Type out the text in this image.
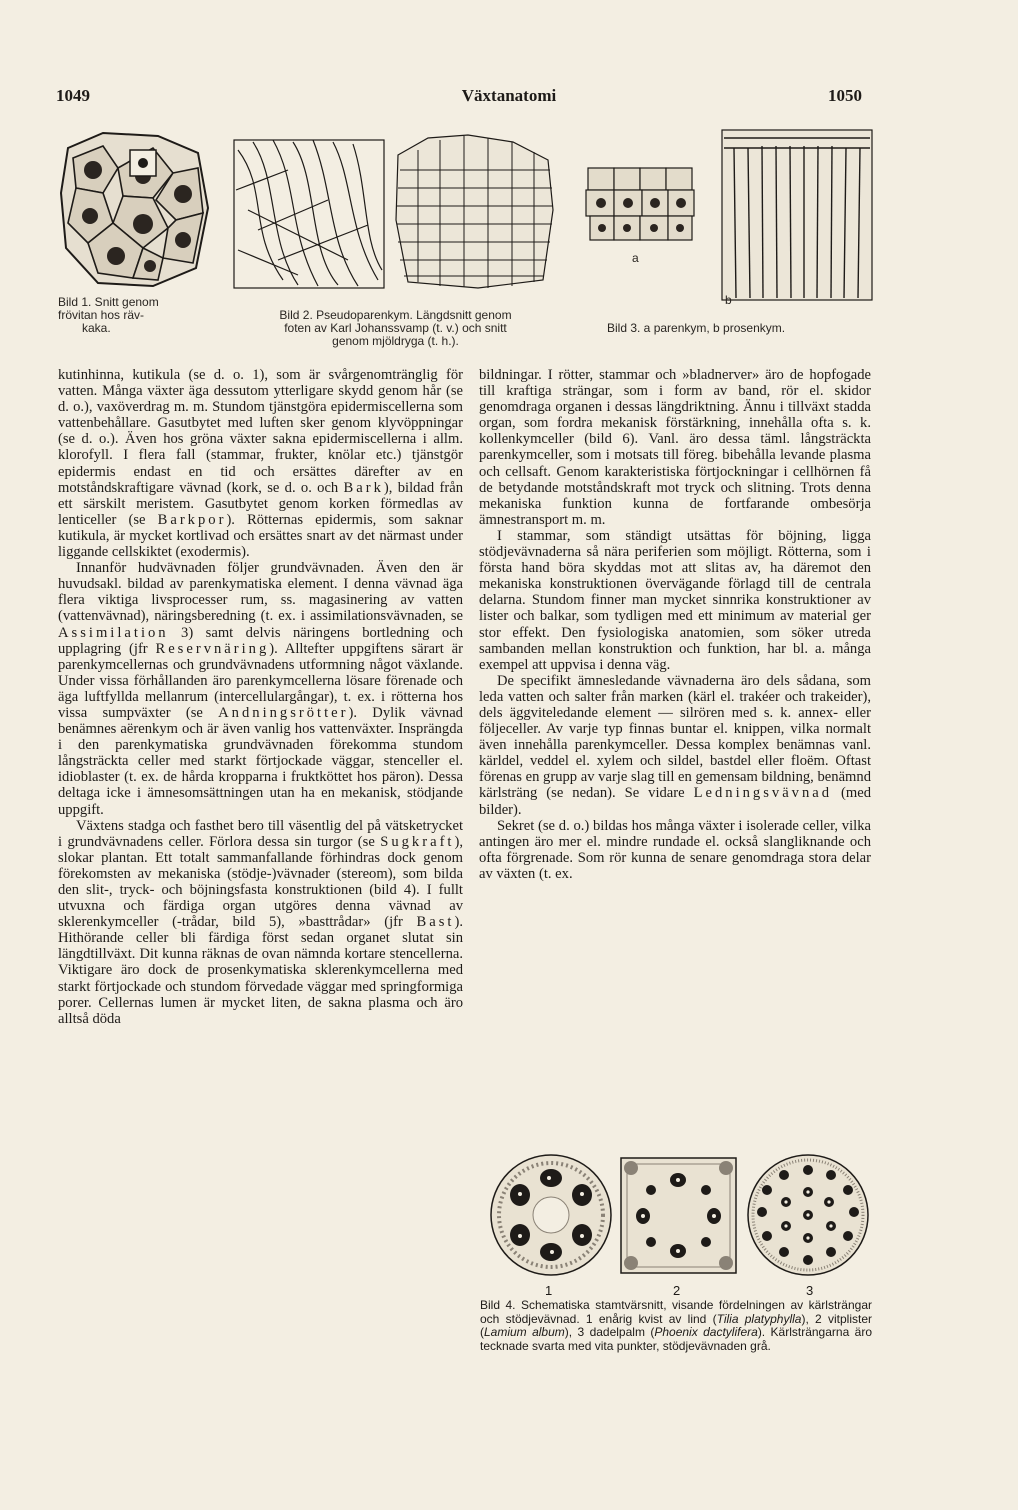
1049	Växtanatomi	1050
Bild 1. Snitt genom
frövitan hos räv-
kaka.
Bild 2. Pseudoparenkym. Längdsnitt genom
foten av Karl Johanssvamp (t. v.) och snitt
genom mjöldryga (t. h.).
a
b
Bild 3. a parenkym, b prosenkym.

kutinhinna, kutikula (se d. o. 1), som är svårgenomtränglig för vatten. Många växter äga dessutom ytterligare skydd genom hår (se d. o.), vaxöverdrag m. m. Stundom tjänstgöra epidermiscellerna som vattenbehållare. Gasutbytet med luften sker genom klyvöppningar (se d. o.). Även hos gröna växter sakna epidermiscellerna i allm. klorofyll. I flera fall (stammar, frukter, knölar etc.) tjänstgör epidermis endast en tid och ersättes därefter av en motståndskraftigare vävnad (kork, se d. o. och Bark), bildad från ett särskilt meristem. Gasutbytet genom korken förmedlas av lenticeller (se Barkpor). Rötternas epidermis, som saknar kutikula, är mycket kortlivad och ersättes snart av det närmast under liggande cellskiktet (exodermis).

Innanför hudvävnaden följer grundvävnaden. Även den är huvudsakl. bildad av parenkymatiska element. I denna vävnad äga flera viktiga livsprocesser rum, ss. magasinering av vatten (vattenvävnad), näringsberedning (t. ex. i assimilationsvävnaden, se Assimilation 3) samt delvis näringens bortledning och upplagring (jfr Reservnäring). Alltefter uppgiftens särart är parenkymcellernas och grundvävnadens utformning något växlande. Under vissa förhållanden äro parenkymcellerna lösare förenade och äga luftfyllda mellanrum (intercellulargångar), t. ex. i rötterna hos vissa sumpväxter (se Andningsrötter). Dylik vävnad benämnes aërenkym och är även vanlig hos vattenväxter. Insprängda i den parenkymatiska grundvävnaden förekomma stundom långsträckta celler med starkt förtjockade väggar, stenceller el. idioblaster (t. ex. de hårda kropparna i fruktköttet hos päron). Dessa deltaga icke i ämnesomsättningen utan ha en mekanisk, stödjande uppgift.

Växtens stadga och fasthet bero till väsentlig del på vätsketrycket i grundvävnadens celler. Förlora dessa sin turgor (se Sugkraft), slokar plantan. Ett totalt sammanfallande förhindras dock genom förekomsten av mekaniska (stödje-)vävnader (stereom), som bilda den slit-, tryck- och böjningsfasta konstruktionen (bild 4). I fullt utvuxna och färdiga organ utgöres denna vävnad av sklerenkymceller (-trådar, bild 5), »basttrådar» (jfr Bast). Hithörande celler bli färdiga först sedan organet slutat sin längdtillväxt. Dit kunna räknas de ovan nämnda kortare stencellerna. Viktigare äro dock de prosenkymatiska sklerenkymcellerna med starkt förtjockade och stundom förvedade väggar med springformiga porer. Cellernas lumen är mycket liten, de sakna plasma och äro alltså döda

bildningar. I rötter, stammar och »bladnerver» äro de hopfogade till kraftiga strängar, som i form av band, rör el. skidor genomdraga organen i dessas längdriktning. Ännu i tillväxt stadda organ, som fordra mekanisk förstärkning, innehålla ofta s. k. kollenkymceller (bild 6). Vanl. äro dessa täml. långsträckta parenkymceller, som i motsats till föreg. bibehålla levande plasma och cellsaft. Genom karakteristiska förtjockningar i cellhörnen få de betydande motståndskraft mot tryck och slitning. Trots denna mekaniska funktion kunna de fortfarande ombesörja ämnestransport m. m.

I stammar, som ständigt utsättas för böjning, ligga stödjevävnaderna så nära periferien som möjligt. Rötterna, som i första hand böra skyddas mot att slitas av, ha däremot den mekaniska konstruktionen övervägande förlagd till de centrala delarna. Stundom finner man mycket sinnrika konstruktioner av lister och balkar, som tydligen med ett minimum av material ger stor effekt. Den fysiologiska anatomien, som söker utreda sambanden mellan konstruktion och funktion, har bl. a. många exempel att uppvisa i denna väg.

De specifikt ämnesledande vävnaderna äro dels sådana, som leda vatten och salter från marken (kärl el. trakéer och trakeider), dels äggviteledande element — silrören med s. k. annex- eller följeceller. Av varje typ finnas buntar el. knippen, vilka normalt även innehålla parenkymceller. Dessa komplex benämnas vanl. kärldel, veddel el. xylem och sildel, bastdel eller floëm. Oftast förenas en grupp av varje slag till en gemensam bildning, benämnd kärlsträng (se nedan). Se vidare Ledningsvävnad (med bilder).

Sekret (se d. o.) bildas hos många växter i isolerade celler, vilka antingen äro mer el. mindre rundade el. också slangliknande och ofta förgrenade. Som rör kunna de senare genomdraga stora delar av växten (t. ex.

1	2	3
Bild 4. Schematiska stamtvärsnitt, visande fördelningen av kärlsträngar och stödjevävnad. 1 enårig kvist av lind (Tilia platyphylla), 2 vitplister (Lamium album), 3 dadelpalm (Phoenix dactylifera). Kärlsträngarna äro tecknade svarta med vita punkter, stödjevävnaden grå.
